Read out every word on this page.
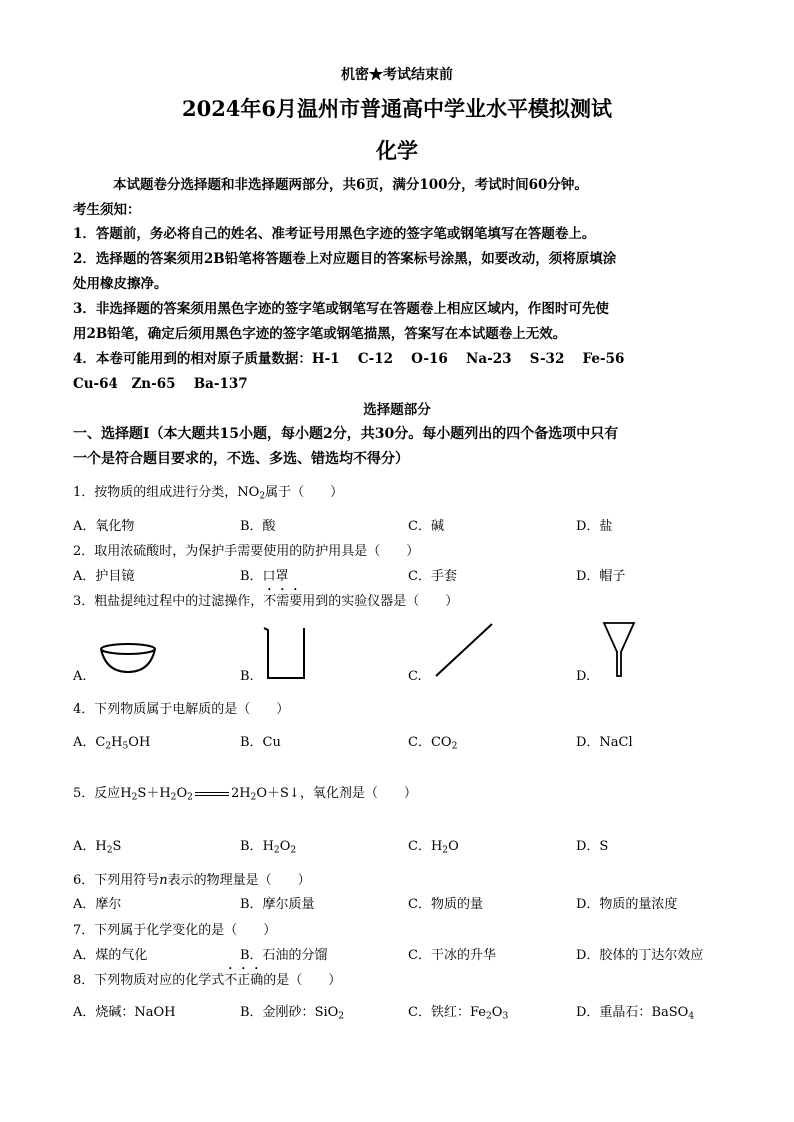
机密★考试结束前
2024年6月温州市普通高中学业水平模拟测试
化学
本试题卷分选择题和非选择题两部分，共6页，满分100分，考试时间60分钟。
考生须知：
1．答题前，务必将自己的姓名、准考证号用黑色字迹的签字笔或钢笔填写在答题卷上。
2．选择题的答案须用2B铅笔将答题卷上对应题目的答案标号涂黑，如要改动，须将原填涂
处用橡皮擦净。
3．非选择题的答案须用黑色字迹的签字笔或钢笔写在答题卷上相应区域内，作图时可先使
用2B铅笔，确定后须用黑色字迹的签字笔或钢笔描黑，答案写在本试题卷上无效。
4．本卷可能用到的相对原子质量数据：H-1　 C-12　 O-16　 Na-23　 S-32　 Fe-56
Cu-64　Zn-65　 Ba-137
选择题部分
一、选择题Ⅰ（本大题共15小题，每小题2分，共30分。每小题列出的四个备选项中只有
一个是符合题目要求的，不选、多选、错选均不得分）
1．按物质的组成进行分类，$NO_2$属于（　　）
A．氧化物	B．酸	C．碱	D．盐
2．取用浓硫酸时，为保护手需要使用的防护用具是（　　）
A．护目镜	B．口罩	C．手套	D．帽子
3．粗盐提纯过程中的过滤操作，不需要用到的实验仪器是（　　）
A.	B.	C.	D.
4．下列物质属于电解质的是（　　）
A．$C_2H_5OH$	B．Cu	C．$CO_2$	D．NaCl
5．反应$H_2S+H_2O_2$	$2H_2O+S↓$，氧化剂是（　　）
A．$H_2S$	B．$H_2O_2$	C．$H_2O$	D．S
6．下列用符号n表示的物理量是（　　）
A．摩尔	B．摩尔质量	C．物质的量	D．物质的量浓度
7．下列属于化学变化的是（　　）
A．煤的气化	B．石油的分馏	C．干冰的升华	D．胶体的丁达尔效应
8．下列物质对应的化学式不正确的是（　　）
A．烧碱：NaOH	B．金刚砂：SiO$_2$	C．铁红：$Fe_2O_3$	D．重晶石：BaSO$_4$
